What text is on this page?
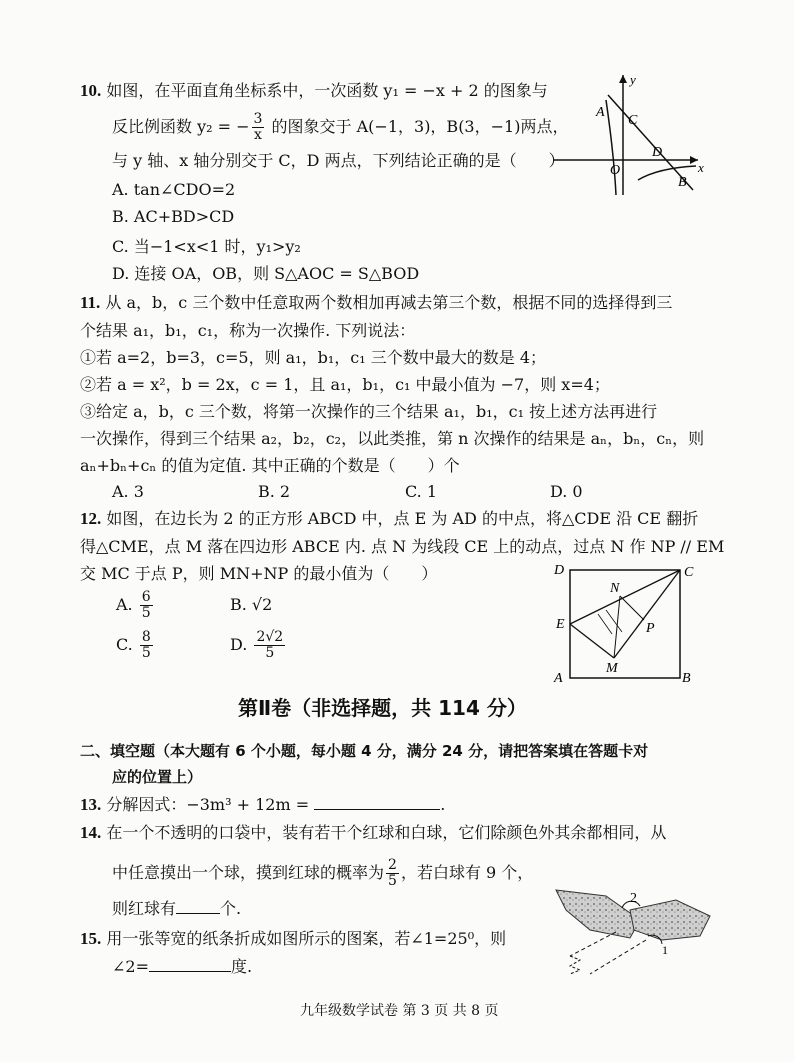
10. 如图，在平面直角坐标系中，一次函数 y₁ = −x + 2 的图象与
反比例函数 y₂ = − $\frac{3}{x}$ 的图象交于 A(−1，3)，B(3，−1)两点，
与 y 轴、x 轴分别交于 C，D 两点，下列结论正确的是（　　）
A. tan∠CDO=2
B. AC+BD>CD
C. 当−1<x<1 时，y₁>y₂
D. 连接 OA，OB，则 S△AOC = S△BOD
A
C
D
O
B
x
y
11. 从 a，b，c 三个数中任意取两个数相加再减去第三个数，根据不同的选择得到三
个结果 a₁，b₁，c₁，称为一次操作. 下列说法：
①若 a=2，b=3，c=5，则 a₁，b₁，c₁ 三个数中最大的数是 4；
②若 a = x²，b = 2x，c = 1，且 a₁，b₁，c₁ 中最小值为 −7，则 x=4；
③给定 a，b，c 三个数，将第一次操作的三个结果 a₁，b₁，c₁ 按上述方法再进行
一次操作，得到三个结果 a₂，b₂，c₂，以此类推，第 n 次操作的结果是 aₙ，bₙ，cₙ，则
aₙ+bₙ+cₙ 的值为定值. 其中正确的个数是（　　）个
A. 3	B. 2	C. 1	D. 0
12. 如图，在边长为 2 的正方形 ABCD 中，点 E 为 AD 的中点，将△CDE 沿 CE 翻折
得△CME，点 M 落在四边形 ABCE 内. 点 N 为线段 CE 上的动点，过点 N 作 NP // EM
交 MC 于点 P，则 MN+NP 的最小值为（　　）
A. $\frac{6}{5}$	B. √2
C. $\frac{8}{5}$	D. $\frac{2√2}{5}$
D	C
N
E	P
M
A	B
第Ⅱ卷（非选择题，共 114 分）
二、填空题（本大题有 6 个小题，每小题 4 分，满分 24 分，请把答案填在答题卡对
应的位置上）
13. 分解因式：−3m³ + 12m =	.
14. 在一个不透明的口袋中，装有若干个红球和白球，它们除颜色外其余都相同，从
中任意摸出一个球，摸到红球的概率为 $\frac{2}{5}$ ，若白球有 9 个，
则红球有	个.
15. 用一张等宽的纸条折成如图所示的图案，若∠1=25⁰，则
∠2=	度.
2
1
九年级数学试卷 第 3 页 共 8 页
